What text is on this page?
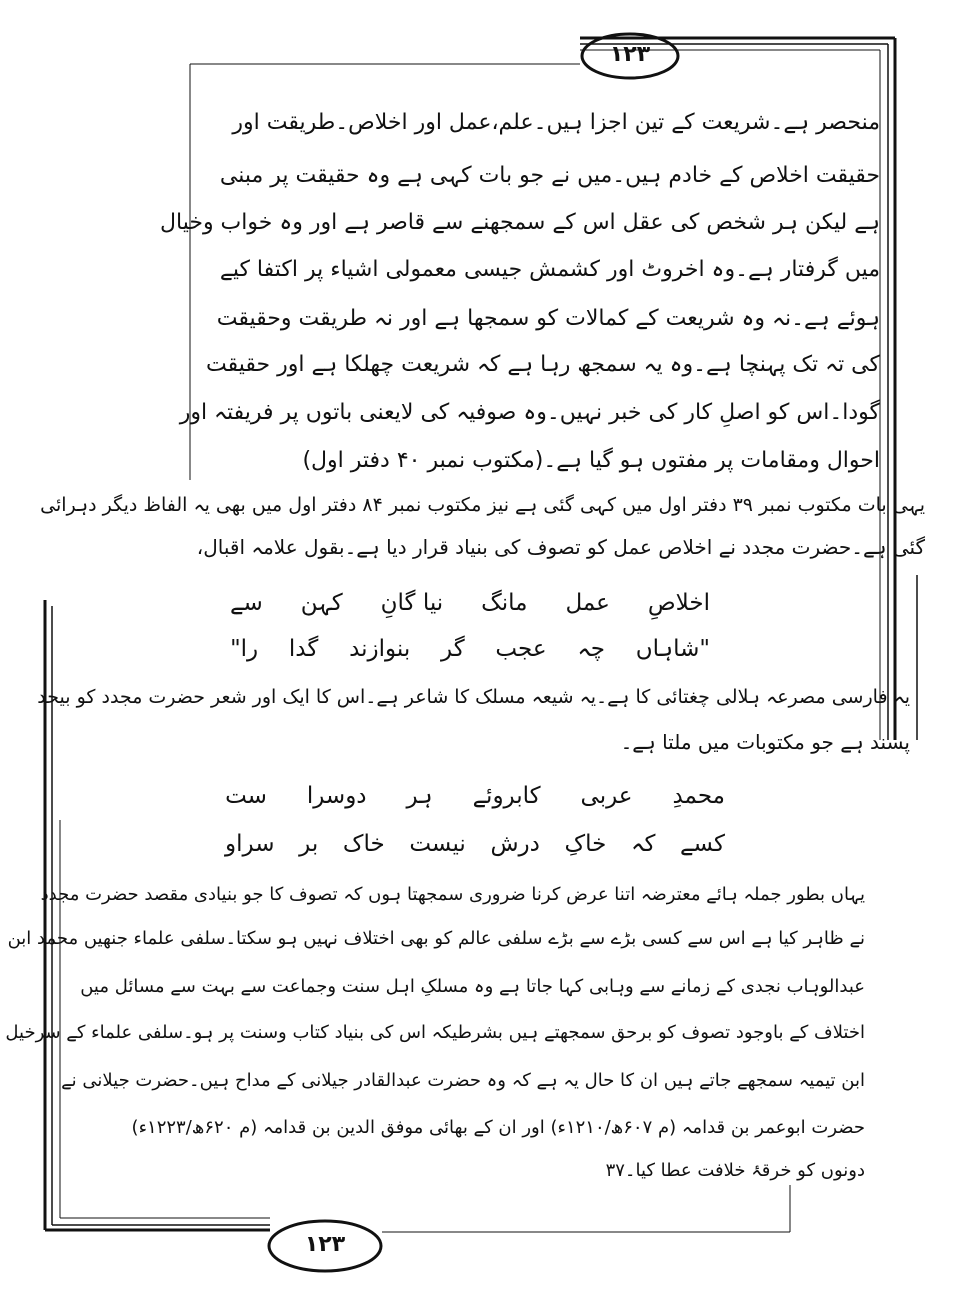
۱۲۳
۱۲۳
منحصر ہے۔شریعت کے تین اجزا ہیں۔علم،عمل اور اخلاص۔طریقت اور
حقیقت اخلاص کے خادم ہیں۔میں نے جو بات کہی ہے وہ حقیقت پر مبنی
ہے لیکن ہر شخص کی عقل اس کے سمجھنے سے قاصر ہے اور وہ خواب وخیال
میں گرفتار ہے۔وہ اخروٹ اور کشمش جیسی معمولی اشیاء پر اکتفا کیے
ہوئے ہے۔نہ وہ شریعت کے کمالات کو سمجھا ہے اور نہ طریقت وحقیقت
کی تہ تک پہنچا ہے۔وہ یہ سمجھ رہا ہے کہ شریعت چھلکا ہے اور حقیقت
گودا۔اس کو اصلِ کار کی خبر نہیں۔وہ صوفیہ کی لایعنی باتوں پر فریفتہ اور
احوال ومقامات پر مفتوں ہو گیا ہے۔(مکتوب نمبر ۴۰ دفتر اول)
یہی بات مکتوب نمبر ۳۹ دفتر اول میں کہی گئی ہے نیز مکتوب نمبر ۸۴ دفتر اول میں بھی یہ الفاظ دیگر دہرائی
گئی ہے۔حضرت مجدد نے اخلاص عمل کو تصوف کی بنیاد قرار دیا ہے۔بقول علامہ اقبال،
اخلاصِ
عمل
مانگ
نیا گانِ
کہن
سے
"شاہاں
چہ
عجب
گر
بنوازند
گدا
را"
یہ فارسی مصرعہ ہلالی چغتائی کا ہے۔یہ شیعہ مسلک کا شاعر ہے۔اس کا ایک اور شعر حضرت مجدد کو بیحد
پسند ہے جو مکتوبات میں ملتا ہے۔
محمدِ
عربی
کابروئے
ہر
دوسرا
ست
کسے
کہ
خاکِ
درش
نیست
خاک
بر
سراو
یہاں بطور جملہ ہائے معترضہ اتنا عرض کرنا ضروری سمجھتا ہوں کہ تصوف کا جو بنیادی مقصد حضرت مجدد
نے ظاہر کیا ہے اس سے کسی بڑے سے بڑے سلفی عالم کو بھی اختلاف نہیں ہو سکتا۔سلفی علماء جنھیں محمد ابن
عبدالوہاب نجدی کے زمانے سے وہابی کہا جاتا ہے وہ مسلکِ اہل سنت وجماعت سے بہت سے مسائل میں
اختلاف کے باوجود تصوف کو برحق سمجھتے ہیں بشرطیکہ اس کی بنیاد کتاب وسنت پر ہو۔سلفی علماء کے سرخیل
ابن تیمیہ سمجھے جاتے ہیں ان کا حال یہ ہے کہ وہ حضرت عبدالقادر جیلانی کے مداح ہیں۔حضرت جیلانی نے
حضرت ابوعمر بن قدامہ (م ۶۰۷ھ/۱۲۱۰ء) اور ان کے بھائی موفق الدین بن قدامہ (م ۶۲۰ھ/۱۲۲۳ء)
دونوں کو خرقۂ خلافت عطا کیا۔۳۷
